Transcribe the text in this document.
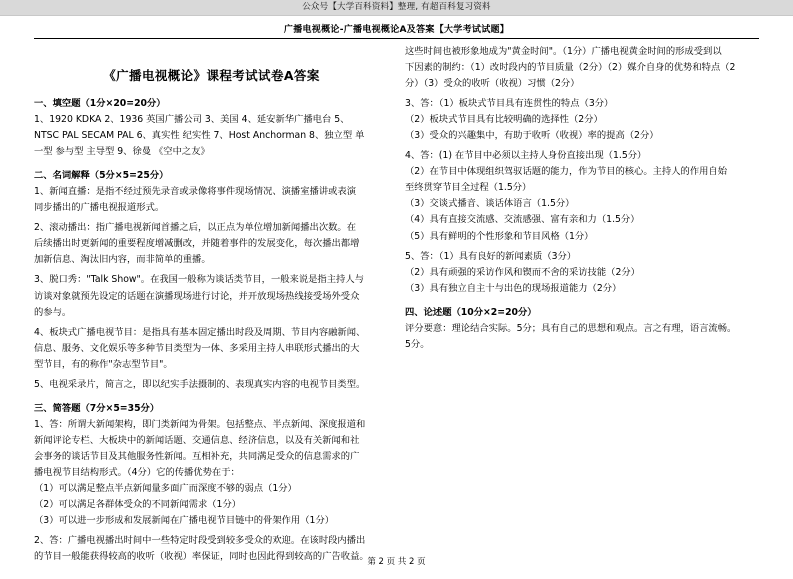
公众号【大学百科资料】整理, 有超百科复习资料
广播电视概论-广播电视概论A及答案【大学考试试题】
《广播电视概论》课程考试试卷A答案

一、填空题（1分×20=20分）

1、1920 KDKA 2、1936 英国广播公司 3、美国 4、延安新华广播电台 5、

NTSC PAL SECAM PAL 6、真实性 纪实性 7、Host Anchorman 8、独立型 单

一型 参与型 主导型 9、徐曼 《空中之友》

二、名词解释（5分×5=25分）

1、新闻直播：是指不经过预先录音或录像将事件现场情况、演播室播讲或表演

同步播出的广播电视报道形式。

2、滚动播出：指广播电视新闻首播之后，以正点为单位增加新闻播出次数。在

后续播出时更新闻的重要程度增减删改，并随着事件的发展变化，每次播出都增

加新信息、淘汰旧内容，而非简单的重播。

3、脱口秀："Talk Show"。在我国一般称为谈话类节目，一般来说是指主持人与

访谈对象就预先设定的话题在演播现场进行讨论，并开放现场热线接受场外受众

的参与。

4、板块式广播电视节目：是指具有基本固定播出时段及周期、节目内容融新闻、

信息、服务、文化娱乐等多种节目类型为一体、多采用主持人串联形式播出的大

型节目，有的称作"杂志型节目"。

5、电视采录片，简言之，即以纪实手法摄制的、表现真实内容的电视节目类型。

三、简答题（7分×5=35分）

1、答：所谓大新闻架构，即门类新闻为骨架。包括整点、半点新闻、深度报道和

新闻评论专栏、大板块中的新闻话题、交通信息、经济信息，以及有关新闻和社

会事务的谈话节目及其他服务性新闻。互相补充，共同满足受众的信息需求的广

播电视节目结构形式。（4分）它的传播优势在于：

（1）可以满足整点半点新闻量多面广而深度不够的弱点（1分）

（2）可以满足各群体受众的不同新闻需求（1分）

（3）可以进一步形成和发展新闻在广播电视节目链中的骨架作用（1分）

2、答：广播电视播出时间中一些特定时段受到较多受众的欢迎。在该时段内播出

的节目一般能获得较高的收听（收视）率保证，同时也因此得到较高的广告收益。

这些时间也被形象地成为"黄金时间"。（1分）广播电视黄金时间的形成受到以

下因素的制约：（1）改时段内的节目质量（2分）（2）媒介自身的优势和特点（2

分）（3）受众的收听（收视）习惯（2分）

3、答：（1）板块式节目具有连贯性的特点（3分）

（2）板块式节目具有比较明确的选择性（2分）

（3）受众的兴趣集中，有助于收听（收视）率的提高（2分）

4、答：(1) 在节目中必须以主持人身份直接出现（1.5分）

（2）在节目中体现组织驾驭话题的能力，作为节目的核心。主持人的作用自始

至终贯穿节目全过程（1.5分）

（3）交谈式播音、谈话体语言（1.5分）

（4）具有直接交流感、交流感强、富有亲和力（1.5分）

（5）具有鲜明的个性形象和节目风格（1分）

5、答：（1）具有良好的新闻素质（3分）

（2）具有顽强的采访作风和锲而不舍的采访技能（2分）

（3）具有独立自主十与出色的现场报道能力（2分）

四、论述题（10分×2=20分）

评分要意：理论结合实际。5分；具有自己的思想和观点。言之有理，语言流畅。

5分。

第 2 页 共 2 页
